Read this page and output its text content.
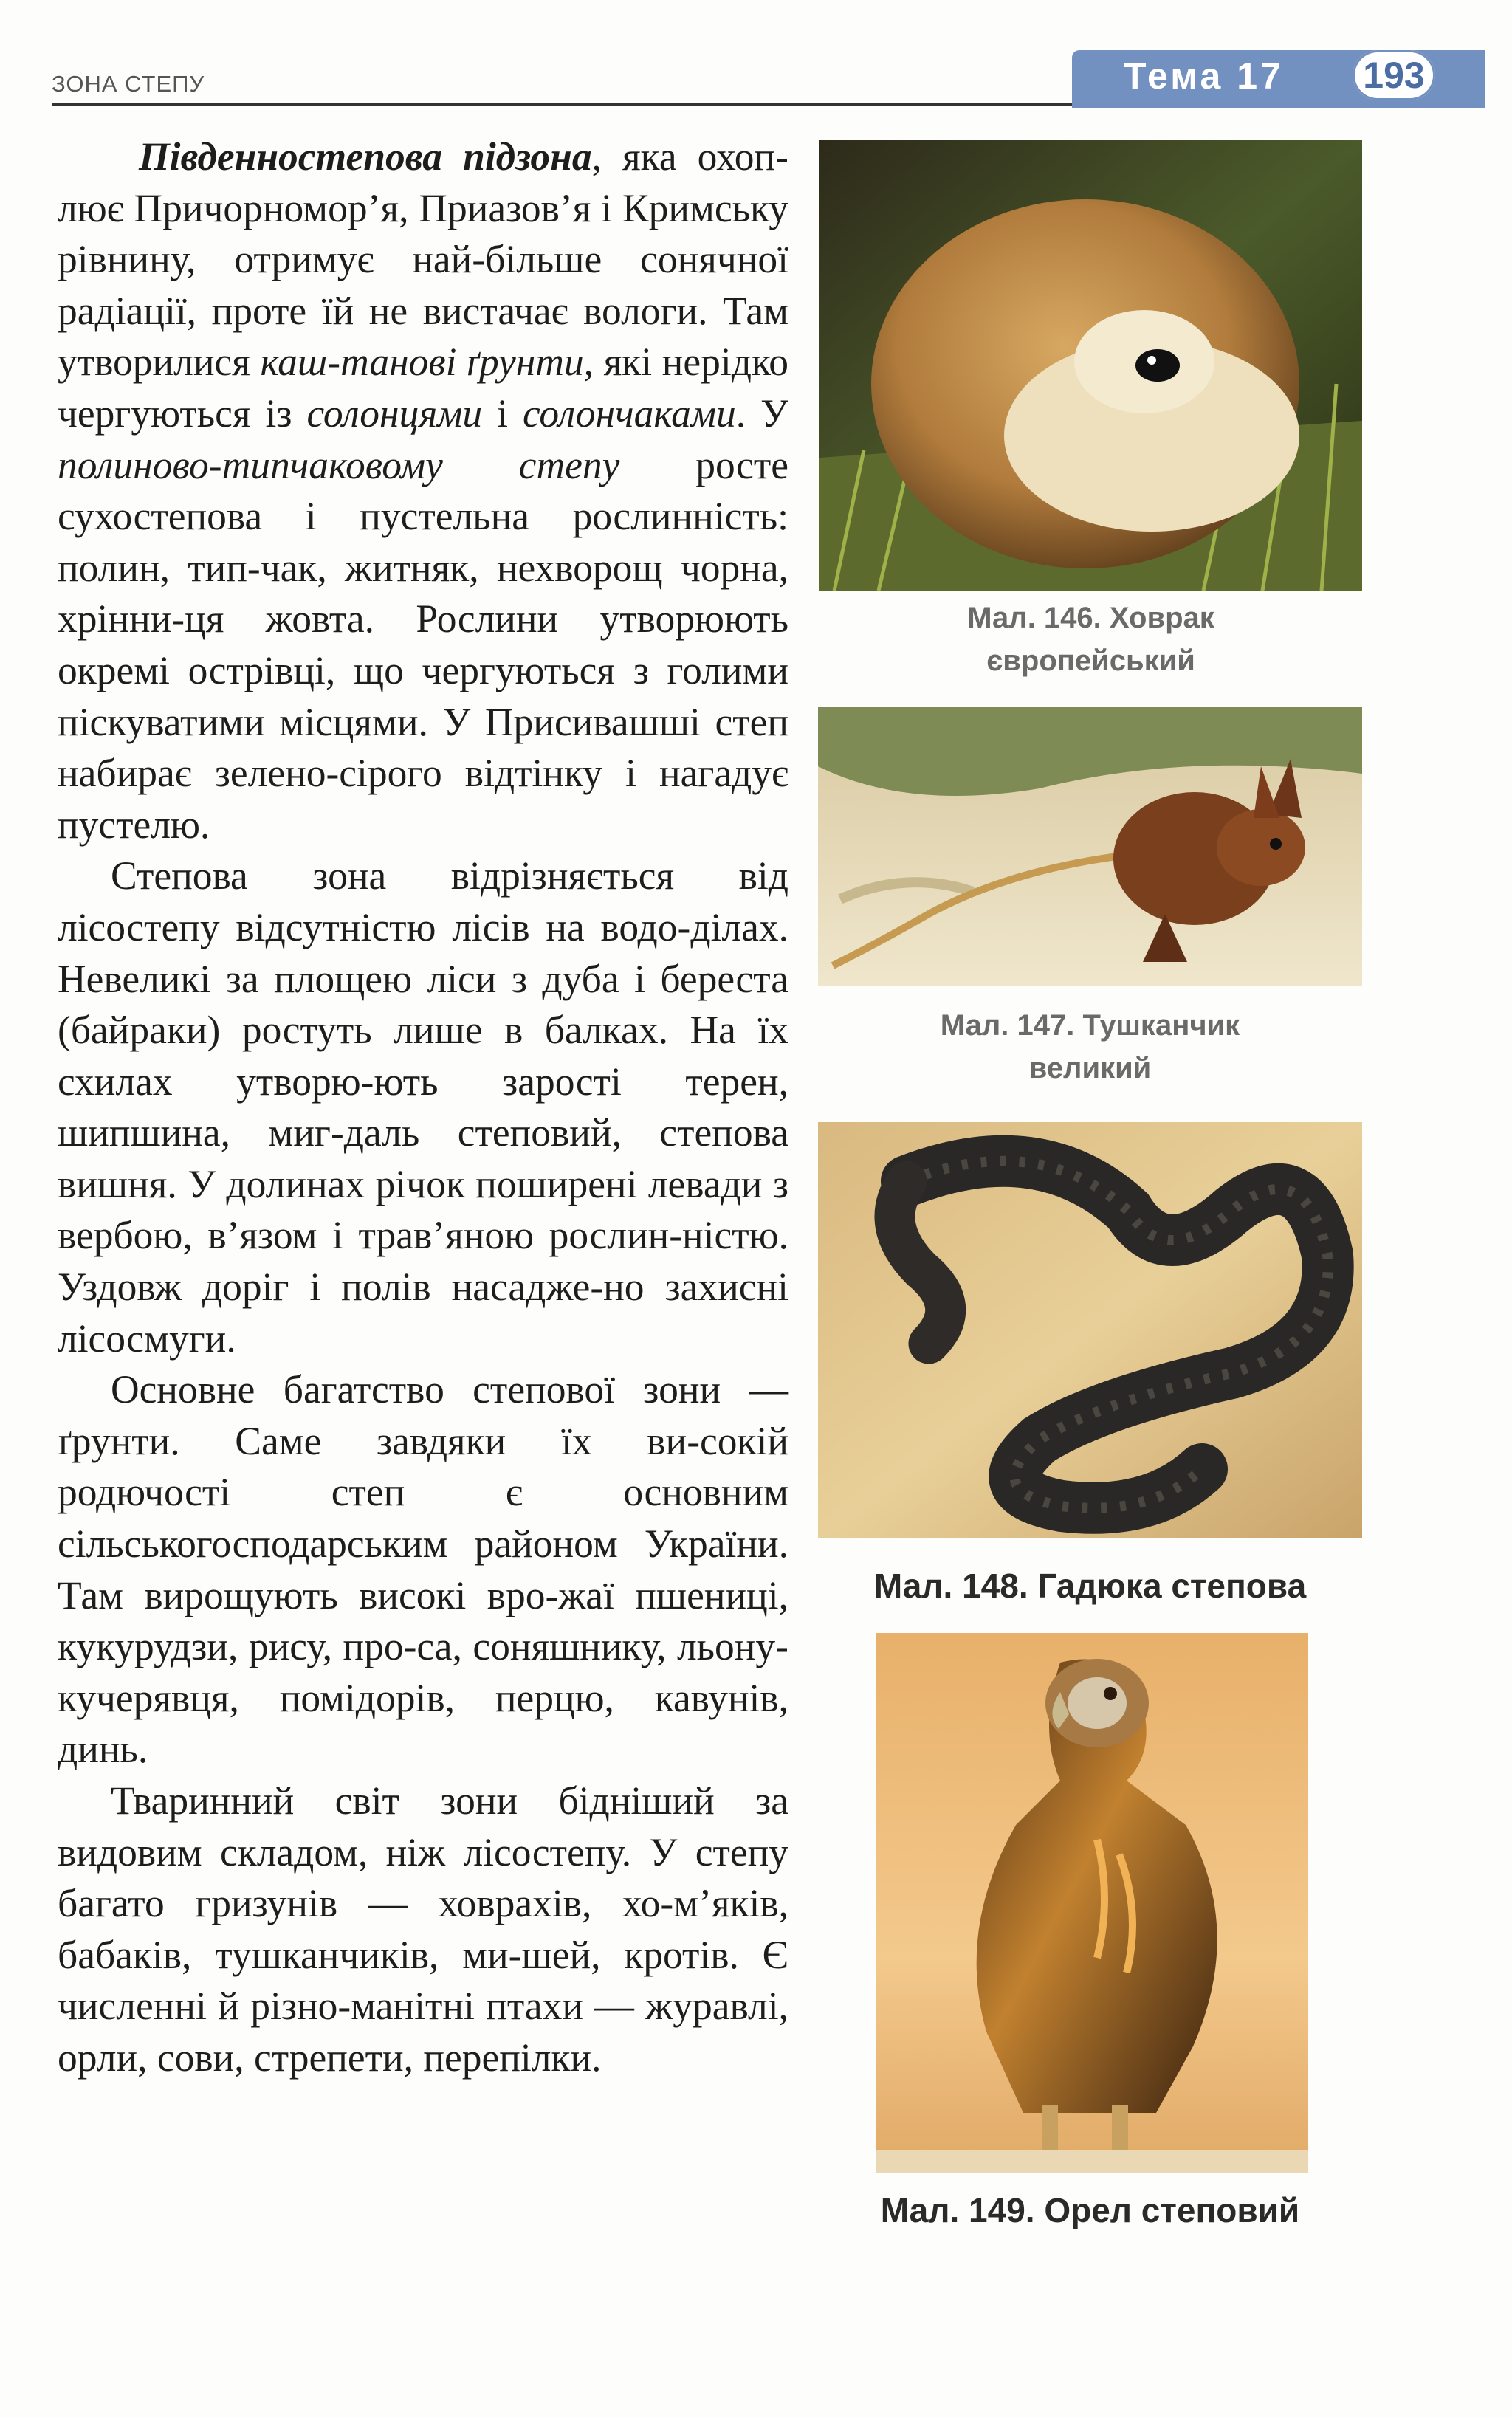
ЗОНА СТЕПУ	Тема 17 193

Південностепова підзона, яка охоп-лює Причорномор’я, Приазов’я і Кримську рівнину, отримує най-більше сонячної радіації, проте їй не вистачає вологи. Там утворилися каш-танові ґрунти, які нерідко чергуються із солонцями і солончаками. У полиново-типчаковому степу росте сухостепова і пустельна рослинність: полин, тип-чак, житняк, нехворощ чорна, хрінни-ця жовта. Рослини утворюють окремі острівці, що чергуються з голими піскуватими місцями. У Присивашші степ набирає зелено-сірого відтінку і нагадує пустелю.

Степова зона відрізняється від лісостепу відсутністю лісів на водо-ділах. Невеликі за площею ліси з дуба і береста (байраки) ростуть лише в балках. На їх схилах утворю-ють зарості терен, шипшина, миг-даль степовий, степова вишня. У долинах річок поширені левади з вербою, в’язом і трав’яною рослин-ністю. Уздовж доріг і полів насадже-но захисні лісосмуги.

Основне багатство степової зони — ґрунти. Саме завдяки їх ви-сокій родючості степ є основним сільськогосподарським районом України. Там вирощують високі вро-жаї пшениці, кукурудзи, рису, про-са, соняшнику, льону-кучерявця, помідорів, перцю, кавунів, динь.

Тваринний світ зони бідніший за видовим складом, ніж лісостепу. У степу багато гризунів — ховрахів, хо-м’яків, бабаків, тушканчиків, ми-шей, кротів. Є численні й різно-манітні птахи — журавлі, орли, сови, стрепети, перепілки.

Мал. 146. Ховрак
європейський
Мал. 147. Тушканчик
великий
Мал. 148. Гадюка степова
Мал. 149. Орел степовий
